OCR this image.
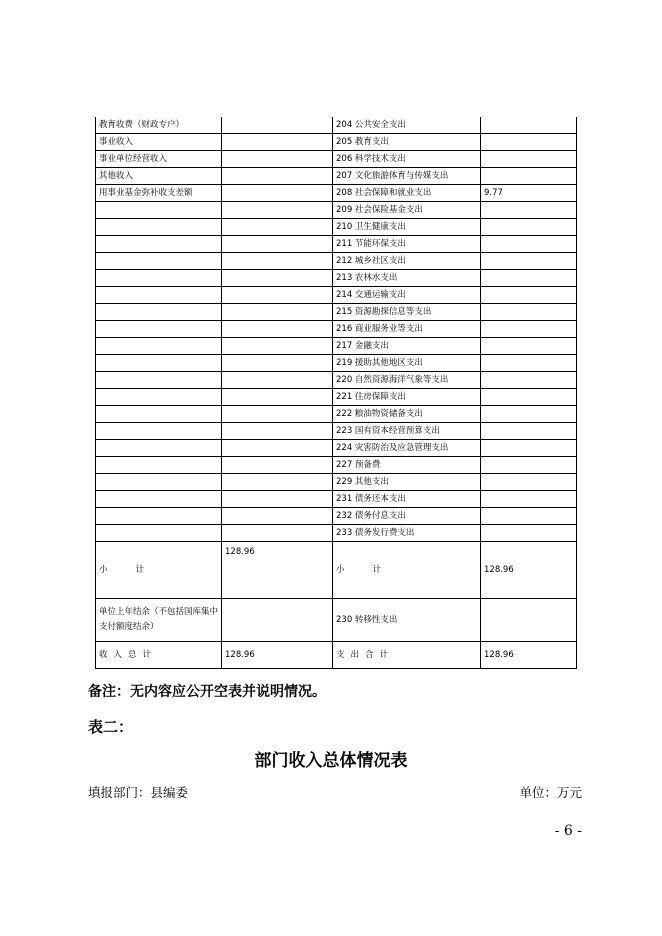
教育收费（财政专户）		204 公共安全支出	
事业收入		205 教育支出	
事业单位经营收入		206 科学技术支出	
其他收入		207 文化旅游体育与传媒支出	
用事业基金弥补收支差额		208 社会保障和就业支出	9.77
		209 社会保险基金支出	
		210 卫生健康支出	
		211 节能环保支出	
		212 城乡社区支出	
		213 农林水支出	
		214 交通运输支出	
		215 资源勘探信息等支出	
		216 商业服务业等支出	
		217 金融支出	
		219 援助其他地区支出	
		220 自然资源海洋气象等支出	
		221 住房保障支出	
		222 粮油物资储备支出	
		223 国有资本经营预算支出	
		224 灾害防治及应急管理支出	
		227 预备费	
		229 其他支出	
		231 债务还本支出	
		232 债务付息支出	
		233 债务发行费支出	
小计	128.96	小计	128.96
单位上年结余（不包括国库集中支付额度结余）		230 转移性支出	
收入总计	128.96	支出合计	128.96
备注：无内容应公开空表并说明情况。
表二：
部门收入总体情况表
填报部门：县编委	单位：万元
- 6 -
